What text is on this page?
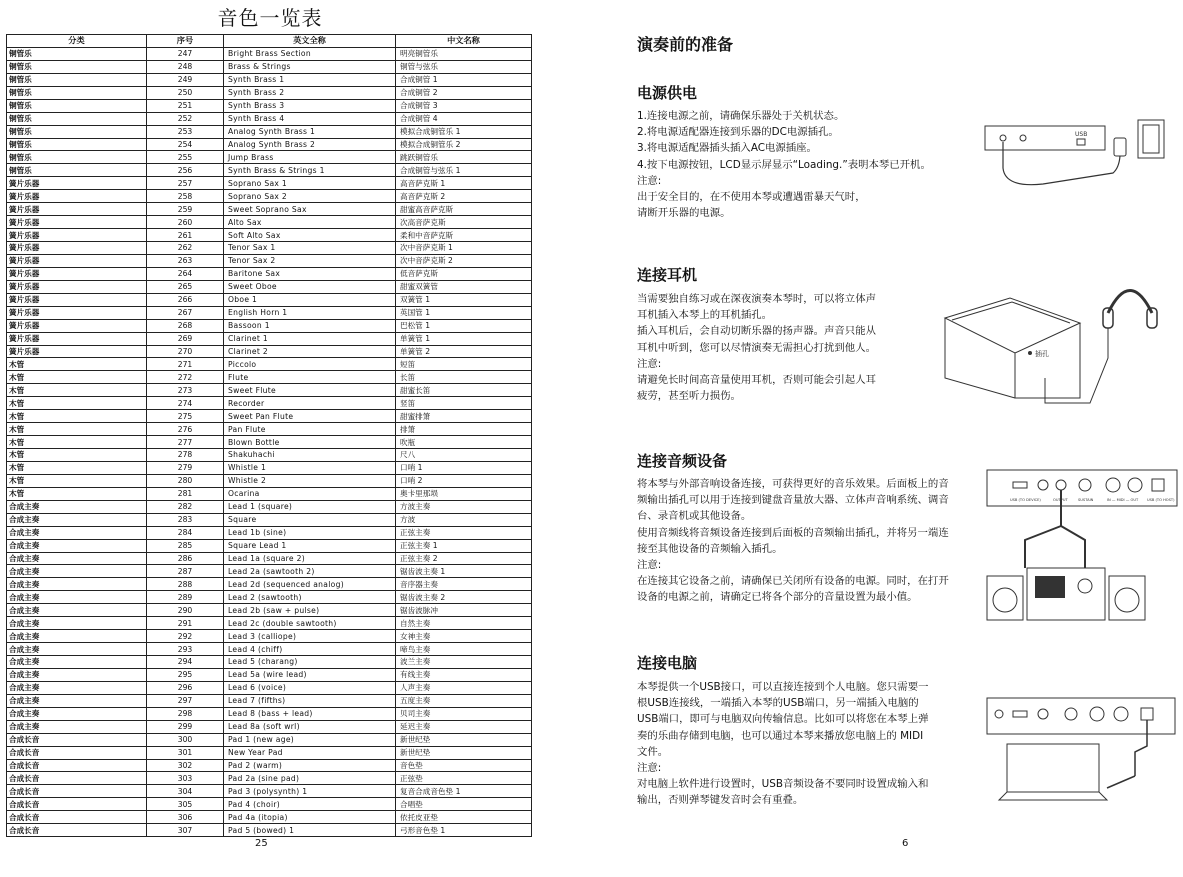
音色一览表
分类	序号	英文全称	中文名称
铜管乐	247	Bright Brass Section	明亮铜管乐
铜管乐	248	Brass & Strings	铜管与弦乐
铜管乐	249	Synth Brass 1	合成铜管 1
铜管乐	250	Synth Brass 2	合成铜管 2
铜管乐	251	Synth Brass 3	合成铜管 3
铜管乐	252	Synth Brass 4	合成铜管 4
铜管乐	253	Analog Synth Brass 1	模拟合成铜管乐 1
铜管乐	254	Analog Synth Brass 2	模拟合成铜管乐 2
铜管乐	255	Jump Brass	跳跃铜管乐
铜管乐	256	Synth Brass & Strings 1	合成铜管与弦乐 1
簧片乐器	257	Soprano Sax 1	高音萨克斯 1
簧片乐器	258	Soprano Sax 2	高音萨克斯 2
簧片乐器	259	Sweet Soprano Sax	甜蜜高音萨克斯
簧片乐器	260	Alto Sax	次高音萨克斯
簧片乐器	261	Soft Alto Sax	柔和中音萨克斯
簧片乐器	262	Tenor Sax 1	次中音萨克斯 1
簧片乐器	263	Tenor Sax 2	次中音萨克斯 2
簧片乐器	264	Baritone Sax	低音萨克斯
簧片乐器	265	Sweet Oboe	甜蜜双簧管
簧片乐器	266	Oboe 1	双簧管 1
簧片乐器	267	English Horn 1	英国管 1
簧片乐器	268	Bassoon 1	巴松管 1
簧片乐器	269	Clarinet 1	单簧管 1
簧片乐器	270	Clarinet 2	单簧管 2
木管	271	Piccolo	短笛
木管	272	Flute	长笛
木管	273	Sweet Flute	甜蜜长笛
木管	274	Recorder	竖笛
木管	275	Sweet Pan Flute	甜蜜排箫
木管	276	Pan Flute	排箫
木管	277	Blown Bottle	吹瓶
木管	278	Shakuhachi	尺八
木管	279	Whistle 1	口哨 1
木管	280	Whistle 2	口哨 2
木管	281	Ocarina	奥卡里那埙
合成主奏	282	Lead 1 (square)	方波主奏
合成主奏	283	Square	方波
合成主奏	284	Lead 1b (sine)	正弦主奏
合成主奏	285	Square Lead 1	正弦主奏 1
合成主奏	286	Lead 1a (square 2)	正弦主奏 2
合成主奏	287	Lead 2a (sawtooth 2)	锯齿波主奏 1
合成主奏	288	Lead 2d (sequenced analog)	音序器主奏
合成主奏	289	Lead 2 (sawtooth)	锯齿波主奏 2
合成主奏	290	Lead 2b (saw + pulse)	锯齿波脉冲
合成主奏	291	Lead 2c (double sawtooth)	自然主奏
合成主奏	292	Lead 3 (calliope)	女神主奏
合成主奏	293	Lead 4 (chiff)	啼鸟主奏
合成主奏	294	Lead 5 (charang)	波兰主奏
合成主奏	295	Lead 5a (wire lead)	有线主奏
合成主奏	296	Lead 6 (voice)	人声主奏
合成主奏	297	Lead 7 (fifths)	五度主奏
合成主奏	298	Lead 8 (bass + lead)	贝司主奏
合成主奏	299	Lead 8a (soft wrl)	延迟主奏
合成长音	300	Pad 1 (new age)	新世纪垫
合成长音	301	New Year Pad	新世纪垫
合成长音	302	Pad 2 (warm)	音色垫
合成长音	303	Pad 2a (sine pad)	正弦垫
合成长音	304	Pad 3 (polysynth) 1	复音合成音色垫 1
合成长音	305	Pad 4 (choir)	合唱垫
合成长音	306	Pad 4a (itopia)	依托皮亚垫
合成长音	307	Pad 5 (bowed) 1	弓形音色垫 1
25
演奏前的准备
电源供电

1.连接电源之前，请确保乐器处于关机状态。

2.将电源适配器连接到乐器的DC电源插孔。

3.将电源适配器插头插入AC电源插座。

4.按下电源按钮，LCD显示屏显示“Loading.”表明本琴已开机。

注意:

出于安全目的，在不使用本琴或遭遇雷暴天气时，

请断开乐器的电源。

连接耳机

当需要独自练习或在深夜演奏本琴时，可以将立体声

耳机插入本琴上的耳机插孔。

插入耳机后，会自动切断乐器的扬声器。声音只能从

耳机中听到，您可以尽情演奏无需担心打扰到他人。

注意:

请避免长时间高音量使用耳机，否则可能会引起人耳

疲劳，甚至听力损伤。

连接音频设备

将本琴与外部音响设备连接，可获得更好的音乐效果。后面板上的音

频输出插孔可以用于连接到键盘音量放大器、立体声音响系统、调音

台、录音机或其他设备。

使用音频线将音频设备连接到后面板的音频输出插孔，并将另一端连

接至其他设备的音频输入插孔。

注意:

在连接其它设备之前，请确保已关闭所有设备的电源。同时，在打开

设备的电源之前，请确定已将各个部分的音量设置为最小值。

连接电脑

本琴提供一个USB接口，可以直接连接到个人电脑。您只需要一

根USB连接线，一端插入本琴的USB端口，另一端插入电脑的

USB端口，即可与电脑双向传输信息。比如可以将您在本琴上弹

奏的乐曲存储到电脑，也可以通过本琴来播放您电脑上的 MIDI

文件。

注意:

对电脑上软件进行设置时，USB音频设备不要同时设置成输入和

输出，否则弹琴键发音时会有重叠。

USB
插孔
USB (TO DEVICE)	OUTPUT	SUSTAIN	IN — MIDI — OUT USB (TO HOST)
6
